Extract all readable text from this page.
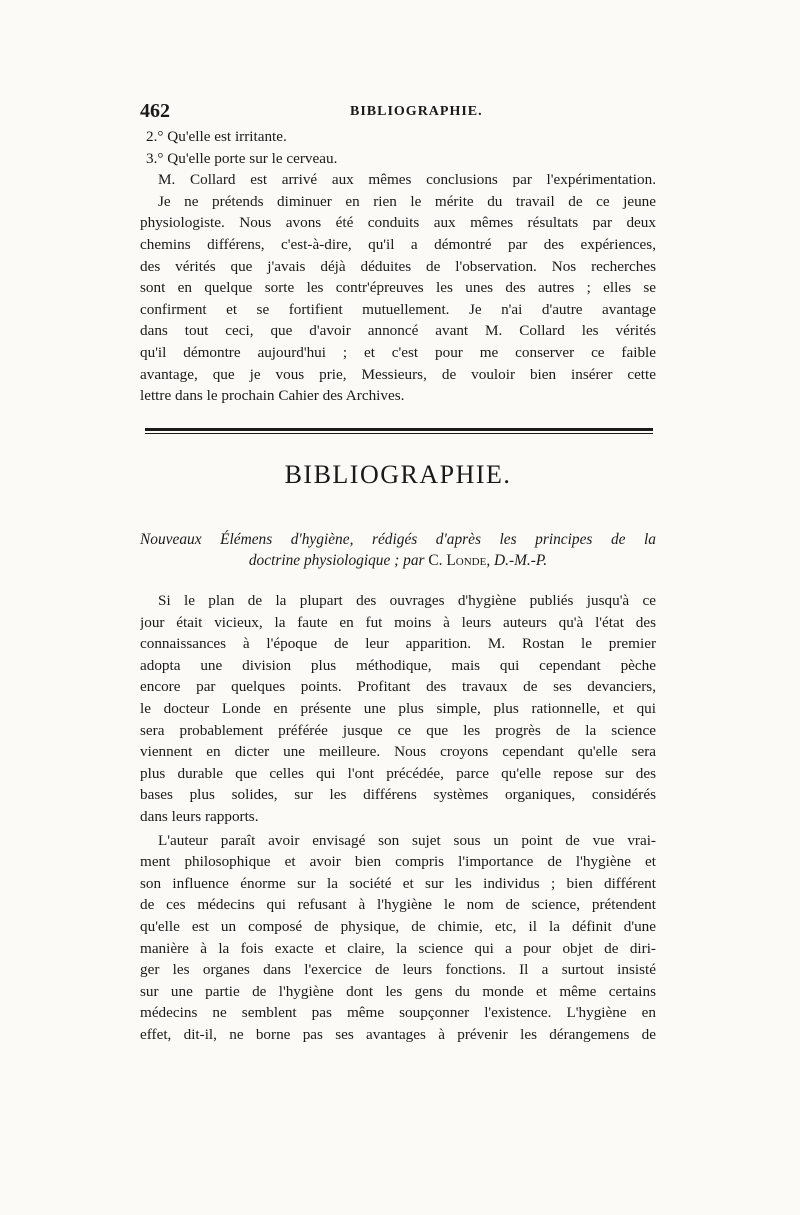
462	BIBLIOGRAPHIE.
2.° Qu'elle est irritante.
3.° Qu'elle porte sur le cerveau.
M. Collard est arrivé aux mêmes conclusions par l'expérimentation.
Je ne prétends diminuer en rien le mérite du travail de ce jeune
physiologiste. Nous avons été conduits aux mêmes résultats par deux
chemins différens, c'est-à-dire, qu'il a démontré par des expériences,
des vérités que j'avais déjà déduites de l'observation. Nos recherches
sont en quelque sorte les contr'épreuves les unes des autres ; elles se
confirment et se fortifient mutuellement. Je n'ai d'autre avantage
dans tout ceci, que d'avoir annoncé avant M. Collard les vérités
qu'il démontre aujourd'hui ; et c'est pour me conserver ce faible
avantage, que je vous prie, Messieurs, de vouloir bien insérer cette
lettre dans le prochain Cahier des Archives.
BIBLIOGRAPHIE.
Nouveaux Élémens d'hygiène, rédigés d'après les principes de la
doctrine physiologique ; par C. Londe, D.-M.-P.
Si le plan de la plupart des ouvrages d'hygiène publiés jusqu'à ce
jour était vicieux, la faute en fut moins à leurs auteurs qu'à l'état des
connaissances à l'époque de leur apparition. M. Rostan le premier
adopta une division plus méthodique, mais qui cependant pèche
encore par quelques points. Profitant des travaux de ses devanciers,
le docteur Londe en présente une plus simple, plus rationnelle, et qui
sera probablement préférée jusque ce que les progrès de la science
viennent en dicter une meilleure. Nous croyons cependant qu'elle sera
plus durable que celles qui l'ont précédée, parce qu'elle repose sur des
bases plus solides, sur les différens systèmes organiques, considérés
dans leurs rapports.
L'auteur paraît avoir envisagé son sujet sous un point de vue vrai-
ment philosophique et avoir bien compris l'importance de l'hygiène et
son influence énorme sur la société et sur les individus ; bien différent
de ces médecins qui refusant à l'hygiène le nom de science, prétendent
qu'elle est un composé de physique, de chimie, etc, il la définit d'une
manière à la fois exacte et claire, la science qui a pour objet de diri-
ger les organes dans l'exercice de leurs fonctions. Il a surtout insisté
sur une partie de l'hygiène dont les gens du monde et même certains
médecins ne semblent pas même soupçonner l'existence. L'hygiène en
effet, dit-il, ne borne pas ses avantages à prévenir les dérangemens de
